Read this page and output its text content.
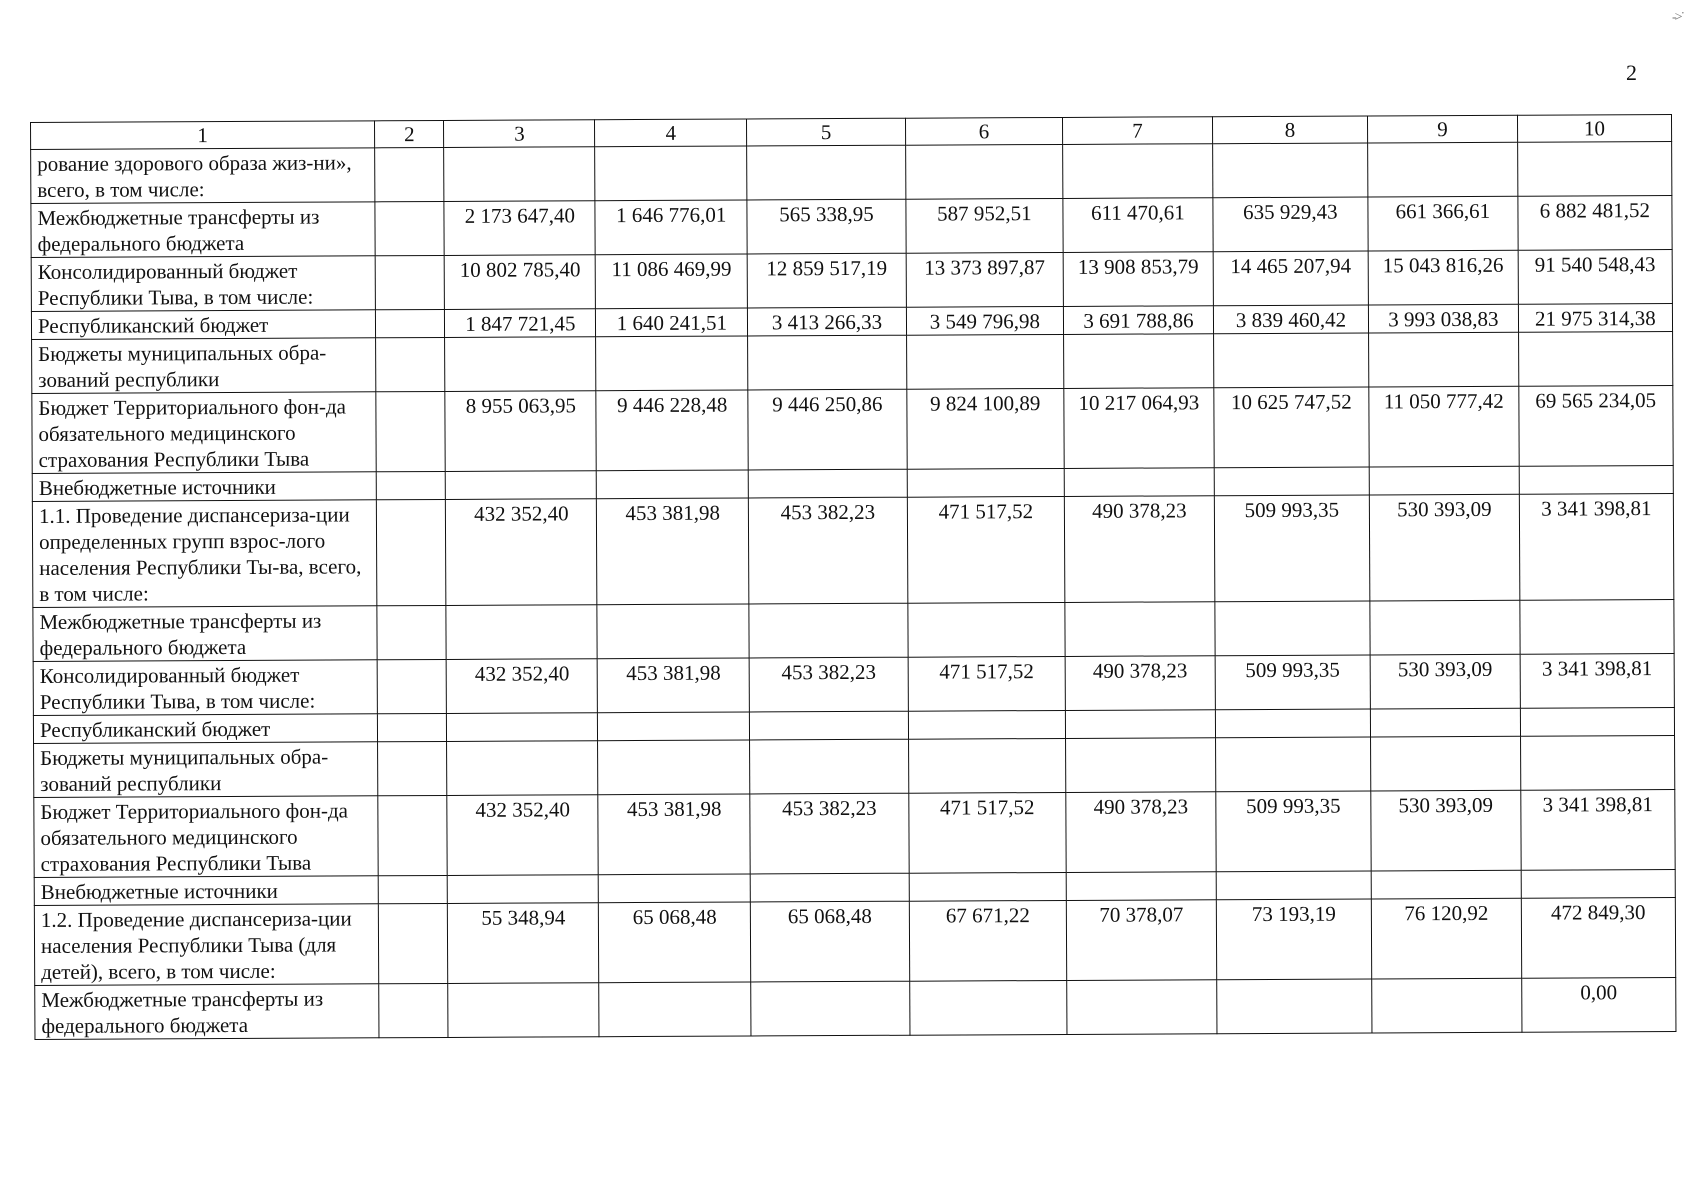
2
->​˙
1	2	3	4	5	6	7	8	9	10
рование здорового образа жиз-ни», всего, в том числе:									
Межбюджетные трансферты из федерального бюджета		2 173 647,40	1 646 776,01	565 338,95	587 952,51	611 470,61	635 929,43	661 366,61	6 882 481,52
Консолидированный бюджет Республики Тыва, в том числе:		10 802 785,40	11 086 469,99	12 859 517,19	13 373 897,87	13 908 853,79	14 465 207,94	15 043 816,26	91 540 548,43
Республиканский бюджет		1 847 721,45	1 640 241,51	3 413 266,33	3 549 796,98	3 691 788,86	3 839 460,42	3 993 038,83	21 975 314,38
Бюджеты муниципальных обра-зований республики									
Бюджет Территориального фон-да обязательного медицинского страхования Республики Тыва		8 955 063,95	9 446 228,48	9 446 250,86	9 824 100,89	10 217 064,93	10 625 747,52	11 050 777,42	69 565 234,05
Внебюджетные источники									
1.1. Проведение диспансериза-ции определенных групп взрос-лого населения Республики Ты-ва, всего, в том числе:		432 352,40	453 381,98	453 382,23	471 517,52	490 378,23	509 993,35	530 393,09	3 341 398,81
Межбюджетные трансферты из федерального бюджета									
Консолидированный бюджет Республики Тыва, в том числе:		432 352,40	453 381,98	453 382,23	471 517,52	490 378,23	509 993,35	530 393,09	3 341 398,81
Республиканский бюджет									
Бюджеты муниципальных обра-зований республики									
Бюджет Территориального фон-да обязательного медицинского страхования Республики Тыва		432 352,40	453 381,98	453 382,23	471 517,52	490 378,23	509 993,35	530 393,09	3 341 398,81
Внебюджетные источники									
1.2. Проведение диспансериза-ции населения Республики Тыва (для детей), всего, в том числе:		55 348,94	65 068,48	65 068,48	67 671,22	70 378,07	73 193,19	76 120,92	472 849,30
Межбюджетные трансферты из федерального бюджета									0,00
